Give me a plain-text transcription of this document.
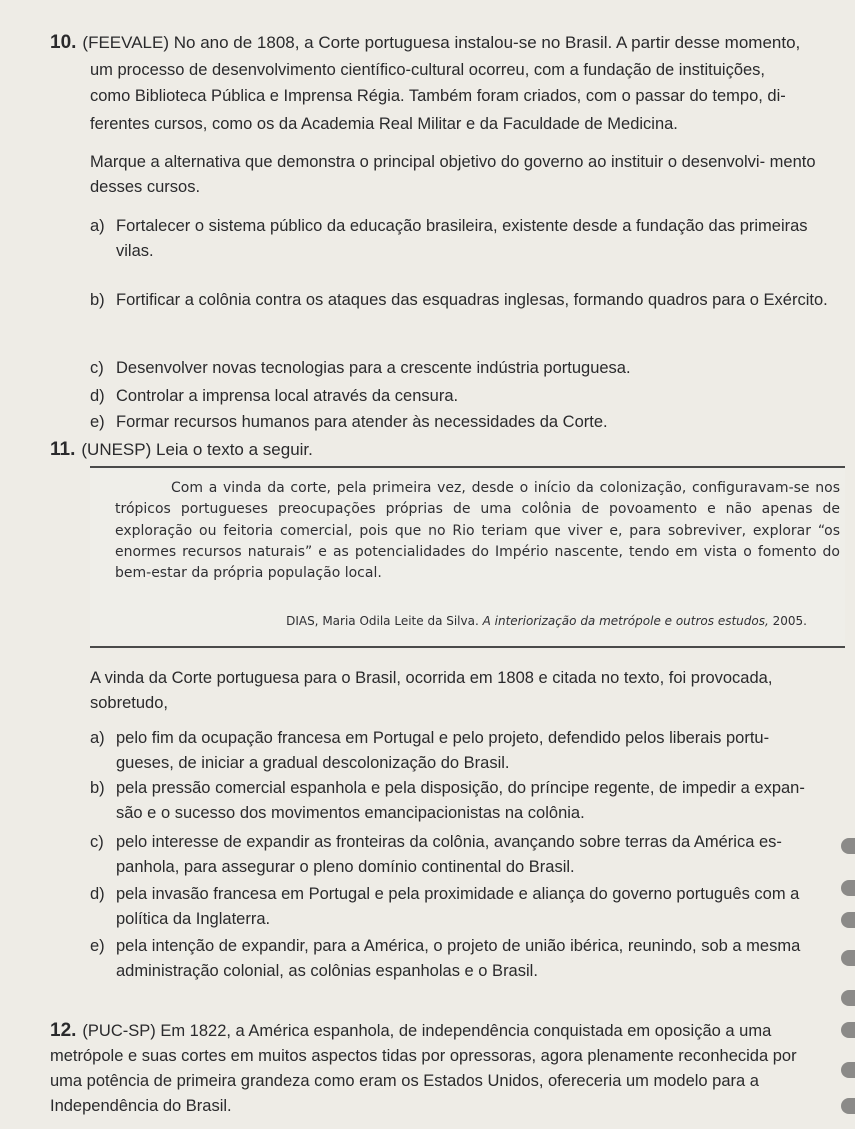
10. (FEEVALE) No ano de 1808, a Corte portuguesa instalou-se no Brasil. A partir desse momento,
um processo de desenvolvimento científico-cultural ocorreu, com a fundação de instituições,
como Biblioteca Pública e Imprensa Régia. Também foram criados, com o passar do tempo, di-
ferentes cursos, como os da Academia Real Militar e da Faculdade de Medicina.
Marque a alternativa que demonstra o principal objetivo do governo ao instituir o desenvolvi- mento desses cursos.
a) Fortalecer o sistema público da educação brasileira, existente desde a fundação das primeiras vilas.
b) Fortificar a colônia contra os ataques das esquadras inglesas, formando quadros para o Exército.
c) Desenvolver novas tecnologias para a crescente indústria portuguesa.
d) Controlar a imprensa local através da censura.
e) Formar recursos humanos para atender às necessidades da Corte.
11. (UNESP) Leia o texto a seguir.
Com a vinda da corte, pela primeira vez, desde o início da colonização, configuravam-se nos trópicos portugueses preocupações próprias de uma colônia de povoamento e não apenas de exploração ou feitoria comercial, pois que no Rio teriam que viver e, para sobreviver, explorar “os enormes recursos naturais” e as potencialidades do Império nascente, tendo em vista o fomento do bem-estar da própria população local.
DIAS, Maria Odila Leite da Silva. A interiorização da metrópole e outros estudos, 2005.
A vinda da Corte portuguesa para o Brasil, ocorrida em 1808 e citada no texto, foi provocada, sobretudo,
a) pelo fim da ocupação francesa em Portugal e pelo projeto, defendido pelos liberais portu- gueses, de iniciar a gradual descolonização do Brasil.
b) pela pressão comercial espanhola e pela disposição, do príncipe regente, de impedir a expan- são e o sucesso dos movimentos emancipacionistas na colônia.
c) pelo interesse de expandir as fronteiras da colônia, avançando sobre terras da América es- panhola, para assegurar o pleno domínio continental do Brasil.
d) pela invasão francesa em Portugal e pela proximidade e aliança do governo português com a política da Inglaterra.
e) pela intenção de expandir, para a América, o projeto de união ibérica, reunindo, sob a mesma administração colonial, as colônias espanholas e o Brasil.
12. (PUC-SP) Em 1822, a América espanhola, de independência conquistada em oposição a uma metrópole e suas cortes em muitos aspectos tidas por opressoras, agora plenamente reconhecida por uma potência de primeira grandeza como eram os Estados Unidos, ofereceria um modelo para a Independência do Brasil.
